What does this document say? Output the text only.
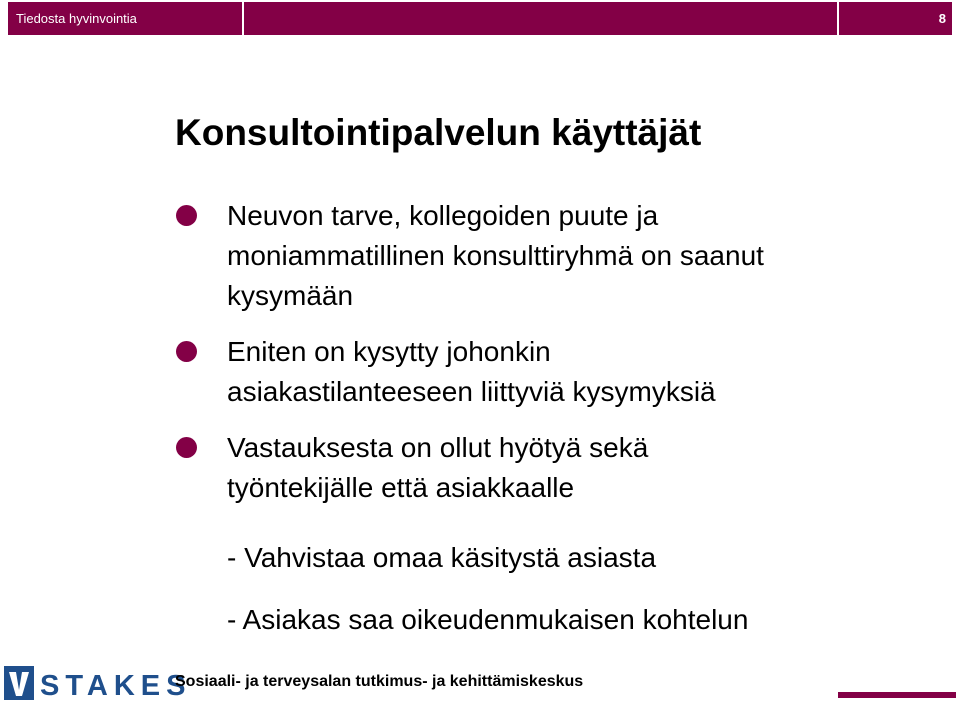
Tiedosta hyvinvointia	8
Konsultointipalvelun käyttäjät
Neuvon tarve, kollegoiden puute ja
moniammatillinen konsulttiryhmä on saanut
kysymään
Eniten on kysytty johonkin
asiakastilanteeseen liittyviä kysymyksiä
Vastauksesta on ollut hyötyä sekä
työntekijälle että asiakkaalle
- Vahvistaa omaa käsitystä asiasta
- Asiakas saa oikeudenmukaisen kohtelun
STAKES
Sosiaali- ja terveysalan tutkimus- ja kehittämiskeskus
